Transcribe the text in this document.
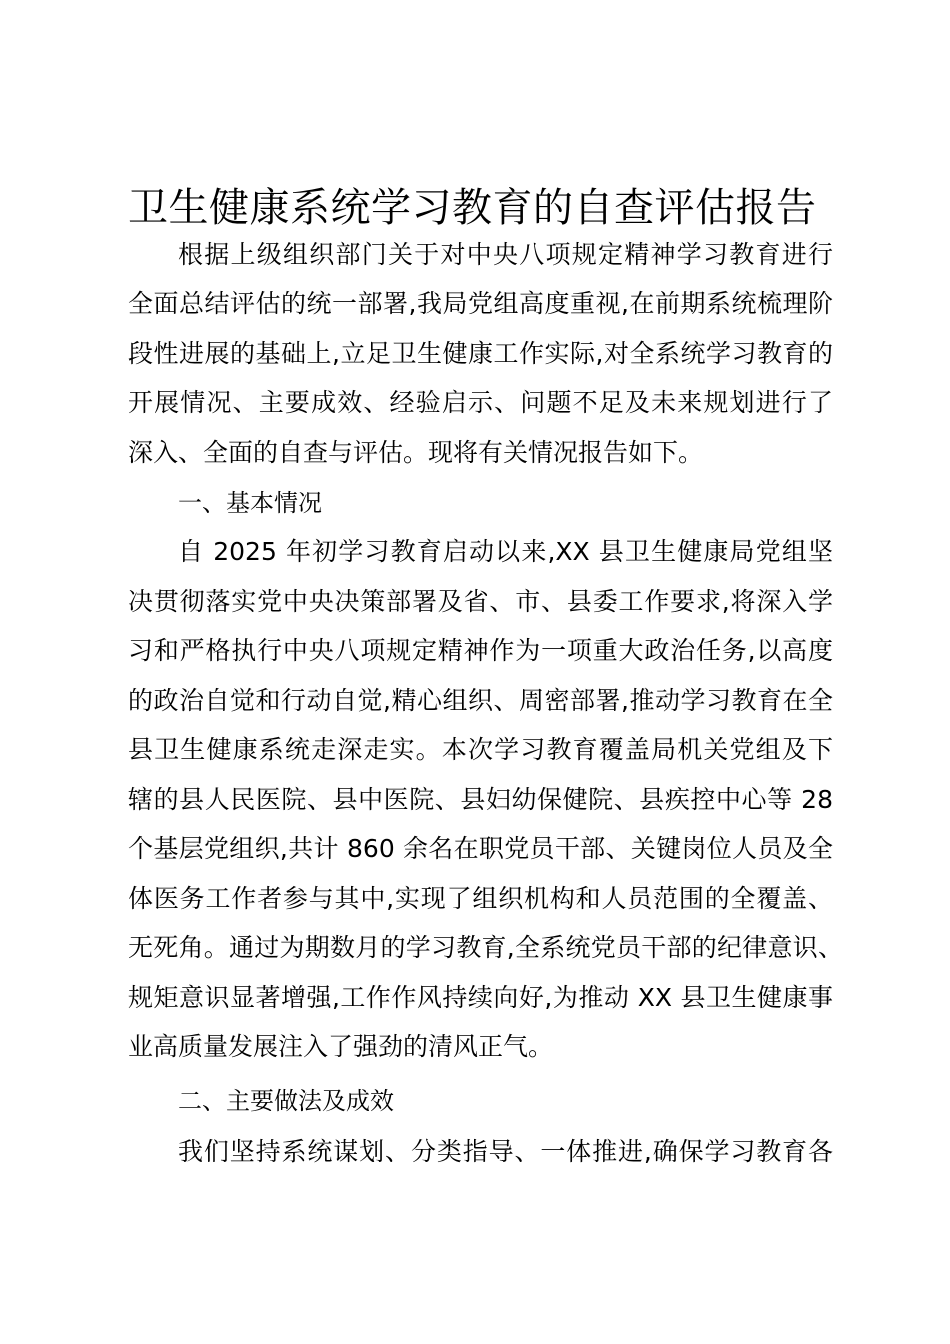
卫生健康系统学习教育的自查评估报告
根据上级组织部门关于对中央八项规定精神学习教育进行
全面总结评估的统一部署,我局党组高度重视,在前期系统梳理阶
段性进展的基础上,立足卫生健康工作实际,对全系统学习教育的
开展情况、主要成效、经验启示、问题不足及未来规划进行了
深入、全面的自查与评估。现将有关情况报告如下。
一、基本情况
自 2025 年初学习教育启动以来,XX 县卫生健康局党组坚
决贯彻落实党中央决策部署及省、市、县委工作要求,将深入学
习和严格执行中央八项规定精神作为一项重大政治任务,以高度
的政治自觉和行动自觉,精心组织、周密部署,推动学习教育在全
县卫生健康系统走深走实。本次学习教育覆盖局机关党组及下
辖的县人民医院、县中医院、县妇幼保健院、县疾控中心等 28
个基层党组织,共计 860 余名在职党员干部、关键岗位人员及全
体医务工作者参与其中,实现了组织机构和人员范围的全覆盖、
无死角。通过为期数月的学习教育,全系统党员干部的纪律意识、
规矩意识显著增强,工作作风持续向好,为推动 XX 县卫生健康事
业高质量发展注入了强劲的清风正气。
二、主要做法及成效
我们坚持系统谋划、分类指导、一体推进,确保学习教育各
